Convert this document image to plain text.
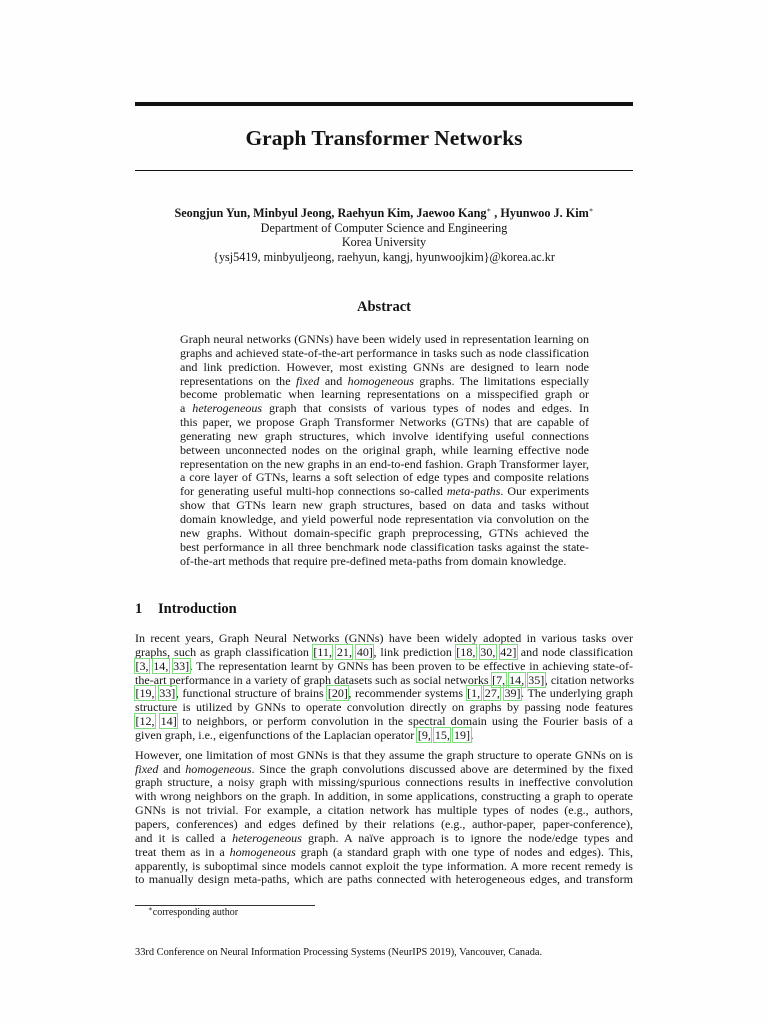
Graph Transformer Networks
Seongjun Yun, Minbyul Jeong, Raehyun Kim, Jaewoo Kang∗ , Hyunwoo J. Kim∗
Department of Computer Science and Engineering
Korea University
{ysj5419, minbyuljeong, raehyun, kangj, hyunwoojkim}@korea.ac.kr
Abstract
Graph neural networks (GNNs) have been widely used in representation learning on
graphs and achieved state-of-the-art performance in tasks such as node classification
and link prediction. However, most existing GNNs are designed to learn node
representations on the fixed and homogeneous graphs. The limitations especially
become problematic when learning representations on a misspecified graph or
a heterogeneous graph that consists of various types of nodes and edges. In
this paper, we propose Graph Transformer Networks (GTNs) that are capable of
generating new graph structures, which involve identifying useful connections
between unconnected nodes on the original graph, while learning effective node
representation on the new graphs in an end-to-end fashion. Graph Transformer layer,
a core layer of GTNs, learns a soft selection of edge types and composite relations
for generating useful multi-hop connections so-called meta-paths. Our experiments
show that GTNs learn new graph structures, based on data and tasks without
domain knowledge, and yield powerful node representation via convolution on the
new graphs. Without domain-specific graph preprocessing, GTNs achieved the
best performance in all three benchmark node classification tasks against the state-
of-the-art methods that require pre-defined meta-paths from domain knowledge.
1 Introduction
In recent years, Graph Neural Networks (GNNs) have been widely adopted in various tasks over
graphs, such as graph classification [11, 21, 40], link prediction [18, 30, 42] and node classification
[3, 14, 33]. The representation learnt by GNNs has been proven to be effective in achieving state-of-
the-art performance in a variety of graph datasets such as social networks [7, 14, 35], citation networks
[19, 33], functional structure of brains [20], recommender systems [1, 27, 39]. The underlying graph
structure is utilized by GNNs to operate convolution directly on graphs by passing node features
[12, 14] to neighbors, or perform convolution in the spectral domain using the Fourier basis of a
given graph, i.e., eigenfunctions of the Laplacian operator [9, 15, 19].
However, one limitation of most GNNs is that they assume the graph structure to operate GNNs on is
fixed and homogeneous. Since the graph convolutions discussed above are determined by the fixed
graph structure, a noisy graph with missing/spurious connections results in ineffective convolution
with wrong neighbors on the graph. In addition, in some applications, constructing a graph to operate
GNNs is not trivial. For example, a citation network has multiple types of nodes (e.g., authors,
papers, conferences) and edges defined by their relations (e.g., author-paper, paper-conference),
and it is called a heterogeneous graph. A naïve approach is to ignore the node/edge types and
treat them as in a homogeneous graph (a standard graph with one type of nodes and edges). This,
apparently, is suboptimal since models cannot exploit the type information. A more recent remedy is
to manually design meta-paths, which are paths connected with heterogeneous edges, and transform
∗corresponding author
33rd Conference on Neural Information Processing Systems (NeurIPS 2019), Vancouver, Canada.
